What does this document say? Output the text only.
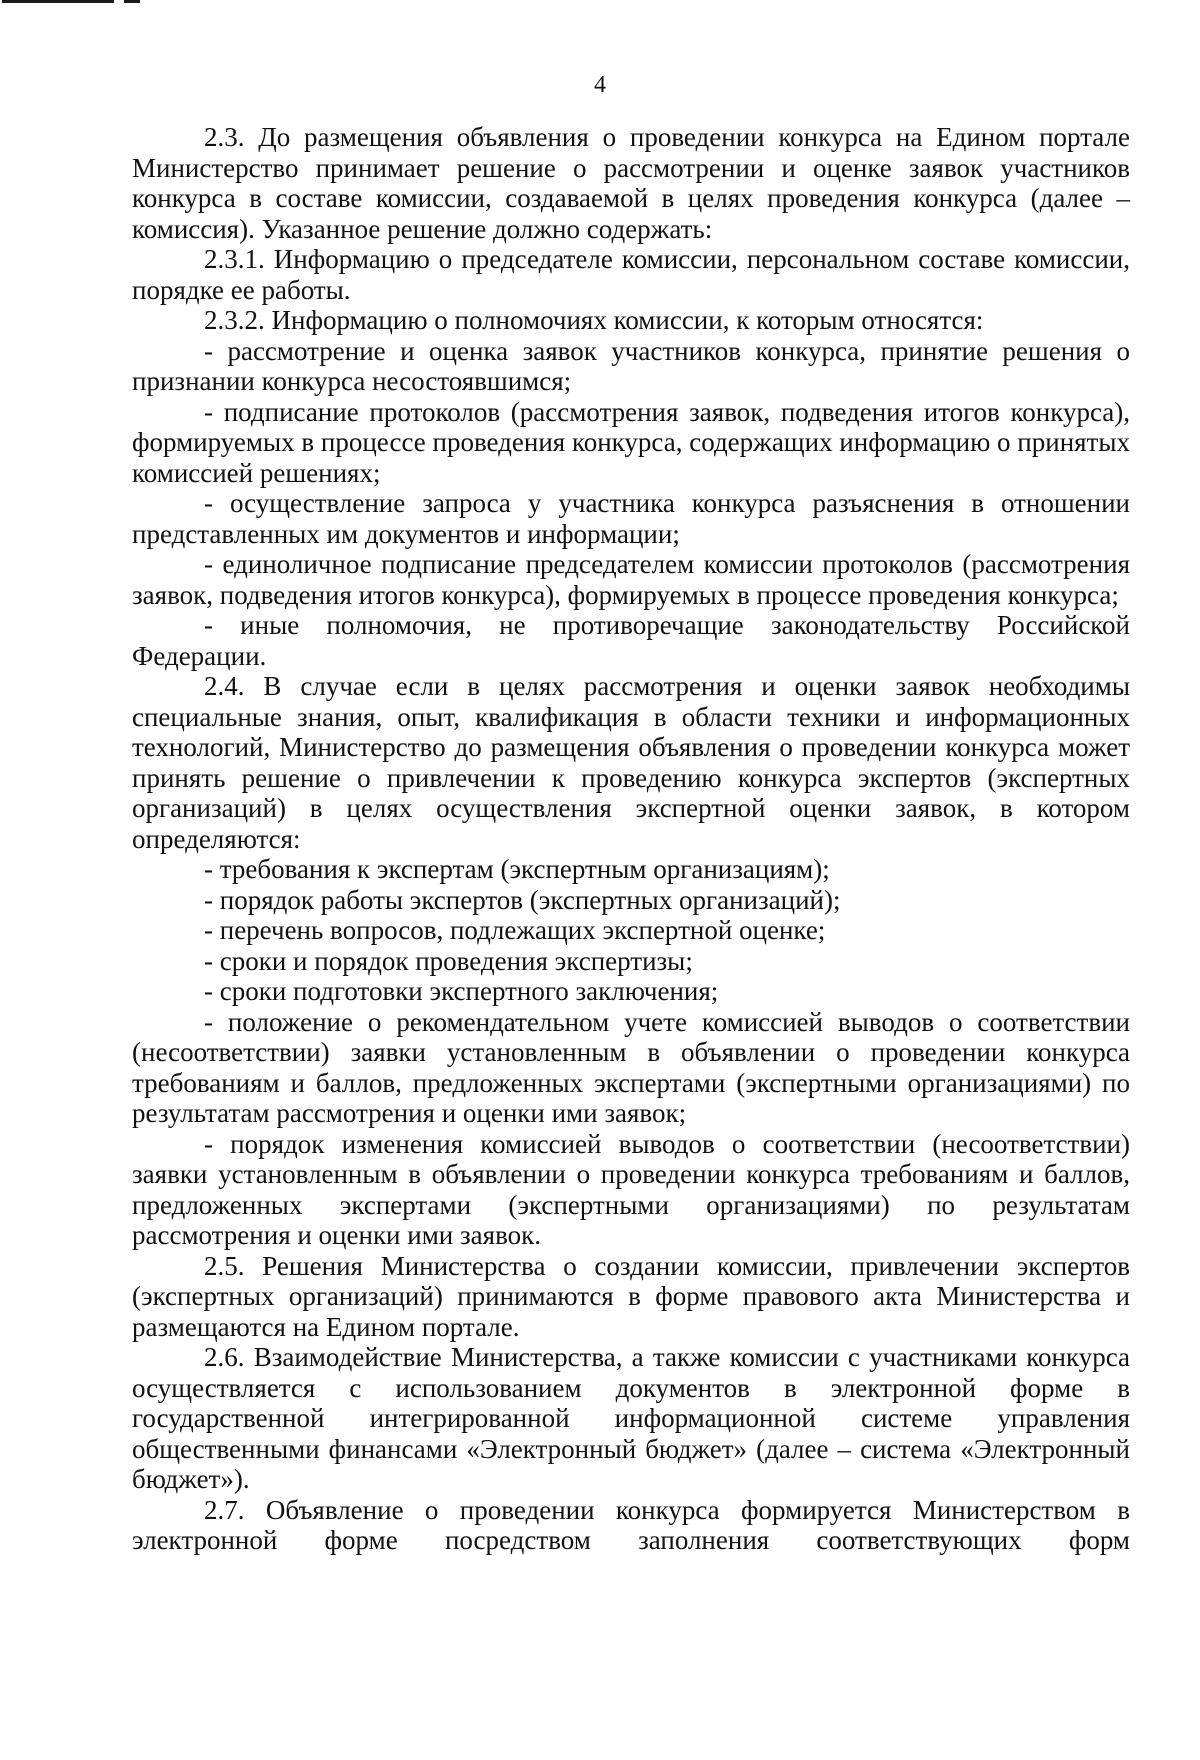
4

2.3. До размещения объявления о проведении конкурса на Едином портале Министерство принимает решение о рассмотрении и оценке заявок участников конкурса в составе комиссии, создаваемой в целях проведения конкурса (далее – комиссия). Указанное решение должно содержать:

2.3.1. Информацию о председателе комиссии, персональном составе комиссии, порядке ее работы.

2.3.2. Информацию о полномочиях комиссии, к которым относятся:

- рассмотрение и оценка заявок участников конкурса, принятие решения о признании конкурса несостоявшимся;

- подписание протоколов (рассмотрения заявок, подведения итогов конкурса), формируемых в процессе проведения конкурса, содержащих информацию о принятых комиссией решениях;

- осуществление запроса у участника конкурса разъяснения в отношении представленных им документов и информации;

- единоличное подписание председателем комиссии протоколов (рассмотрения заявок, подведения итогов конкурса), формируемых в процессе проведения конкурса;

- иные полномочия, не противоречащие законодательству Российской Федерации.

2.4. В случае если в целях рассмотрения и оценки заявок необходимы специальные знания, опыт, квалификация в области техники и информационных технологий, Министерство до размещения объявления о проведении конкурса может принять решение о привлечении к проведению конкурса экспертов (экспертных организаций) в целях осуществления экспертной оценки заявок, в котором определяются:

- требования к экспертам (экспертным организациям);

- порядок работы экспертов (экспертных организаций);

- перечень вопросов, подлежащих экспертной оценке;

- сроки и порядок проведения экспертизы;

- сроки подготовки экспертного заключения;

- положение о рекомендательном учете комиссией выводов о соответствии (несоответствии) заявки установленным в объявлении о проведении конкурса требованиям и баллов, предложенных экспертами (экспертными организациями) по результатам рассмотрения и оценки ими заявок;

- порядок изменения комиссией выводов о соответствии (несоответствии) заявки установленным в объявлении о проведении конкурса требованиям и баллов, предложенных экспертами (экспертными организациями) по результатам рассмотрения и оценки ими заявок.

2.5. Решения Министерства о создании комиссии, привлечении экспертов (экспертных организаций) принимаются в форме правового акта Министерства и размещаются на Едином портале.

2.6. Взаимодействие Министерства, а также комиссии с участниками конкурса осуществляется с использованием документов в электронной форме в государственной интегрированной информационной системе управления общественными финансами «Электронный бюджет» (далее – система «Электронный бюджет»).

2.7. Объявление о проведении конкурса формируется Министерством в электронной форме посредством заполнения соответствующих форм
